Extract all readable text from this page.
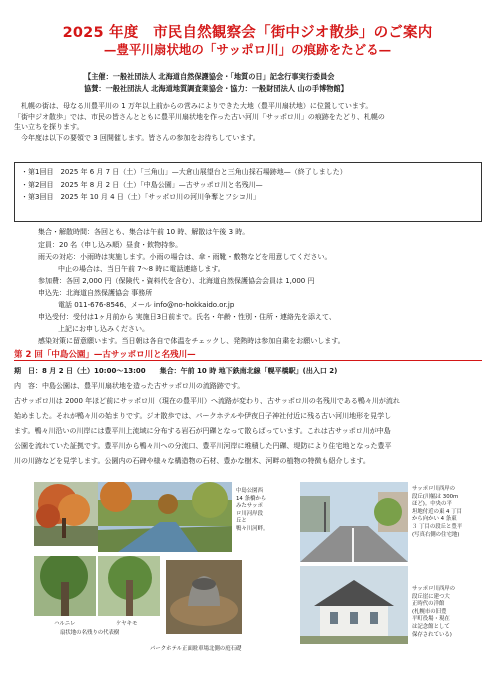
2025 年度　市民自然観察会「街中ジオ散歩」のご案内
—豊平川扇状地の「サッポロ川」の痕跡をたどる—
【主催：一般社団法人 北海道自然保護協会・「地質の日」記念行事実行委員会
協賛：一般社団法人 北海道地質調査業協会・協力：一般財団法人 山の手博物館】
　札幌の街は、母なる川豊平川の 1 万年以上前からの営みによりできた大地（豊平川扇状地）に位置しています。
「街中ジオ散歩」では、市民の皆さんとともに豊平川扇状地を作った古い河川「サッポロ川」の痕跡をたどり、札幌の
生い立ちを探ります。
　今年度は以下の要領で 3 回開催します。皆さんの参加をお待ちしています。
・第1回目　2025 年 6 月 7 日（土）「三角山」—大倉山展望台と三角山採石場跡地—（終了しました）
・第2回目　2025 年 8 月 2 日（土）「中島公園」—古サッポロ川と名残川—
・第3回目　2025 年 10 月 4 日（土）「サッポロ川の河川争奪とフシコ川」
集合・解散時間：各回とも、集合は午前 10 時、解散は午後 3 時。
定員：20 名（申し込み順）昼食・飲物持参。
雨天の対応：小雨時は実施します。小雨の場合は、傘・雨靴・敷物などを用意してください。
中止の場合は、当日午前 7～8 時に電話連絡します。
参加費：各回 2,000 円（保険代・資料代を含む）、北海道自然保護協会会員は 1,000 円
申込先：北海道自然保護協会 事務所
電話 011-676-8546、メール info@no-hokkaido.or.jp
申込受付：受付は1ヶ月前から 実施日3日前まで。氏名・年齢・性別・住所・連絡先を添えて、
上記にお申し込みください。
感染対策に留意願います。当日朝は各自で体温をチェックし、発熱時は参加自粛をお願いします。
第 2 回「中島公園」—古サッポロ川と名残川—
期　日：8 月 2 日（土）10:00～13:00　　集合：午前 10 時 地下鉄南北線「幌平橋駅」(出入口 2)
内　容：中島公園は、豊平川扇状地を造った古サッポロ川の流路跡です。
古サッポロ川は 2000 年ほど前にサッポロ川（現在の豊平川）へ流路が変わり、古サッポロ川の名残川である鴨々川が流れ
始めました。それが鴨々川の始まりです。ジオ散歩では、パークホテルや伊夜日子神社付近に残る古い河川地形を見学し
ます。鴨々川沿いの川岸には豊平川上流域に分布する岩石が円礫となって散らばっています。これは古サッポロ川が中島
公園を流れていた証拠です。豊平川から鴨々川への分流口、豊平川河岸に堆積した円礫、堤防により住宅地となった豊平
川の川跡などを見学します。公園内の石碑や様々な構造物の石材、豊かな樹木、河畔の植物の特徴も紹介します。
中島公園西
14 条橋から
みたサッポ
ロ川河岸段
丘と
鴨々川河畔。
サッポロ川西岸の
段丘(川幅は 300m
ほど)。中央の平
坦地付近の東 4 丁目
から向かい 4 条東
３ 丁目の段丘と豊平
(写真右側の住宅地)
サッポロ川西岸の
段丘崖に建つ大
正時代の洋館
(札幌市の旧豊
平町役場・現在
は記念館として
保存されている)
ハルニレ	ケヤキモ
扇状地の名残りの代表樹
パークホテル正面駐車場北側の庭石礎
